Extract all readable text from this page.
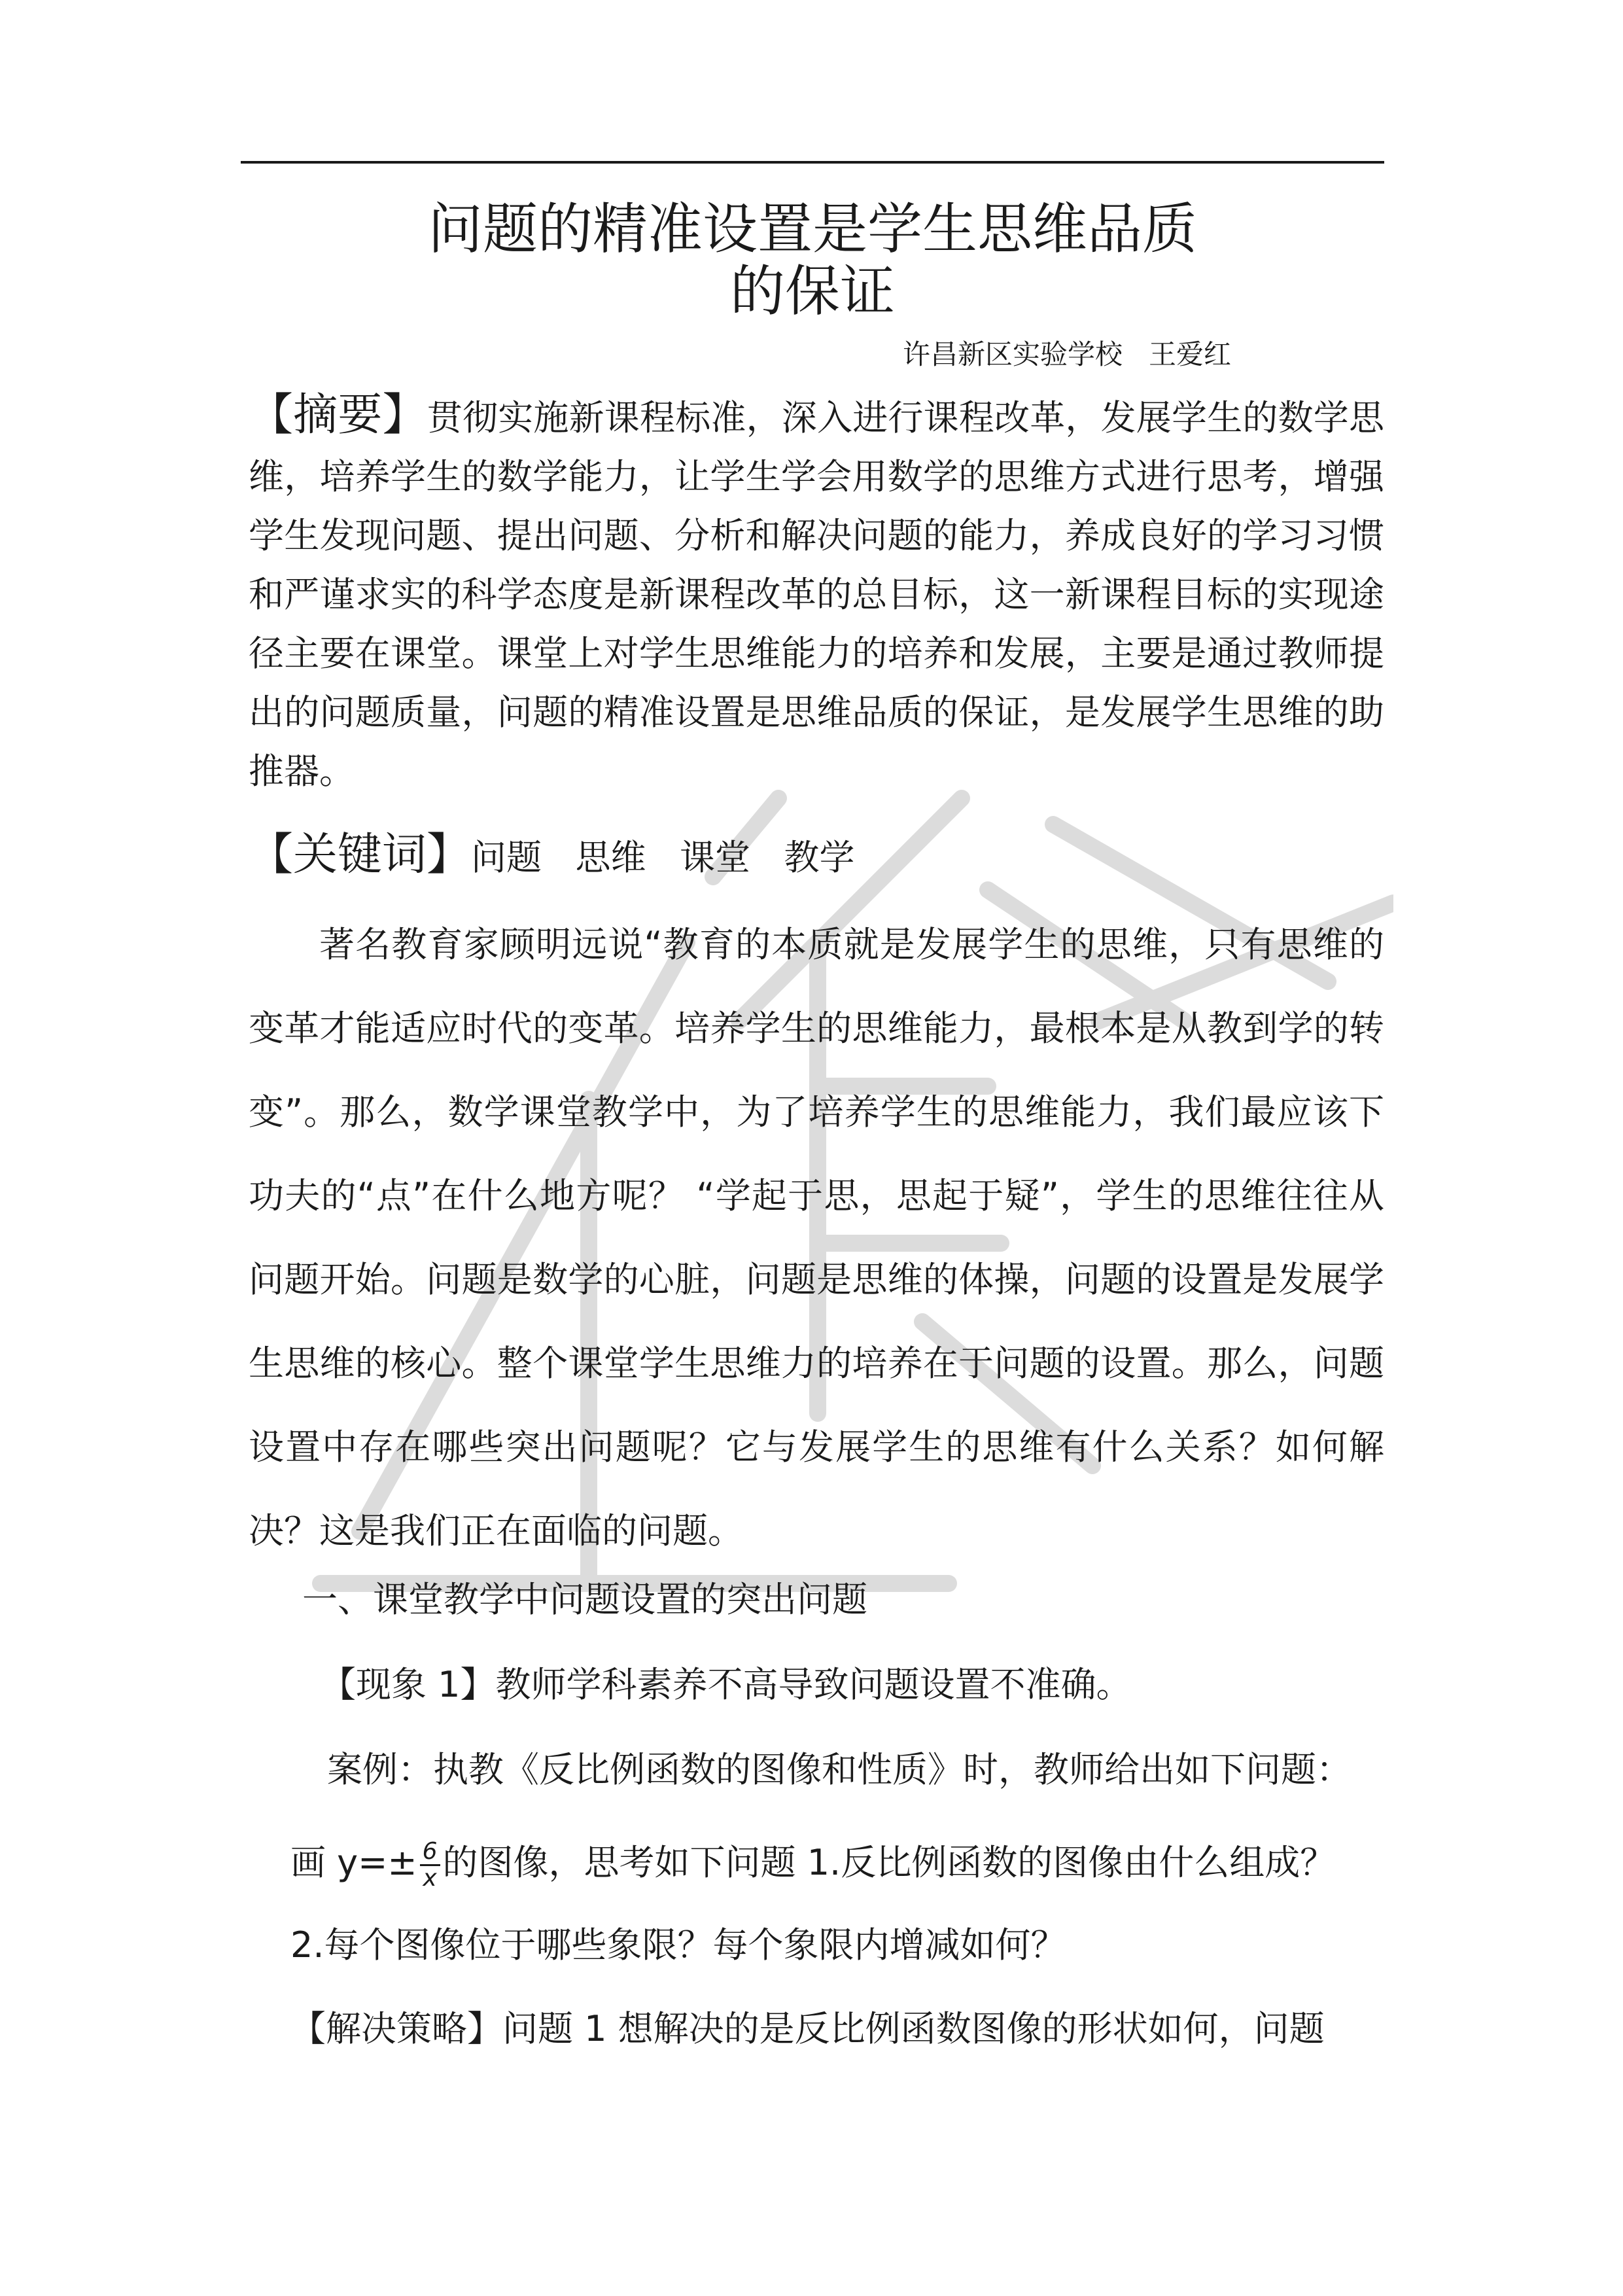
问题的精准设置是学生思维品质
的保证
许昌新区实验学校   王爱红
【摘要】贯彻实施新课程标准，深入进行课程改革，发展学生的数学思维，培养学生的数学能力，让学生学会用数学的思维方式进行思考，增强学生发现问题、提出问题、分析和解决问题的能力，养成良好的学习习惯和严谨求实的科学态度是新课程改革的总目标，这一新课程目标的实现途径主要在课堂。课堂上对学生思维能力的培养和发展，主要是通过教师提出的问题质量，问题的精准设置是思维品质的保证，是发展学生思维的助推器。
【关键词】问题   思维   课堂   教学
著名教育家顾明远说“教育的本质就是发展学生的思维，只有思维的变革才能适应时代的变革。培养学生的思维能力，最根本是从教到学的转变”。那么，数学课堂教学中，为了培养学生的思维能力，我们最应该下功夫的“点”在什么地方呢？ “学起于思，思起于疑”，学生的思维往往从问题开始。问题是数学的心脏，问题是思维的体操，问题的设置是发展学生思维的核心。整个课堂学生思维力的培养在于问题的设置。那么，问题设置中存在哪些突出问题呢？它与发展学生的思维有什么关系？如何解决？这是我们正在面临的问题。
一、课堂教学中问题设置的突出问题
【现象 1】教师学科素养不高导致问题设置不准确。
案例：执教《反比例函数的图像和性质》时，教师给出如下问题：
画 $y=\pm \frac{6}{x}$ 的图像，思考如下问题 1.反比例函数的图像由什么组成？
2.每个图像位于哪些象限？每个象限内增减如何？
【解决策略】问题 1 想解决的是反比例函数图像的形状如何，问题
